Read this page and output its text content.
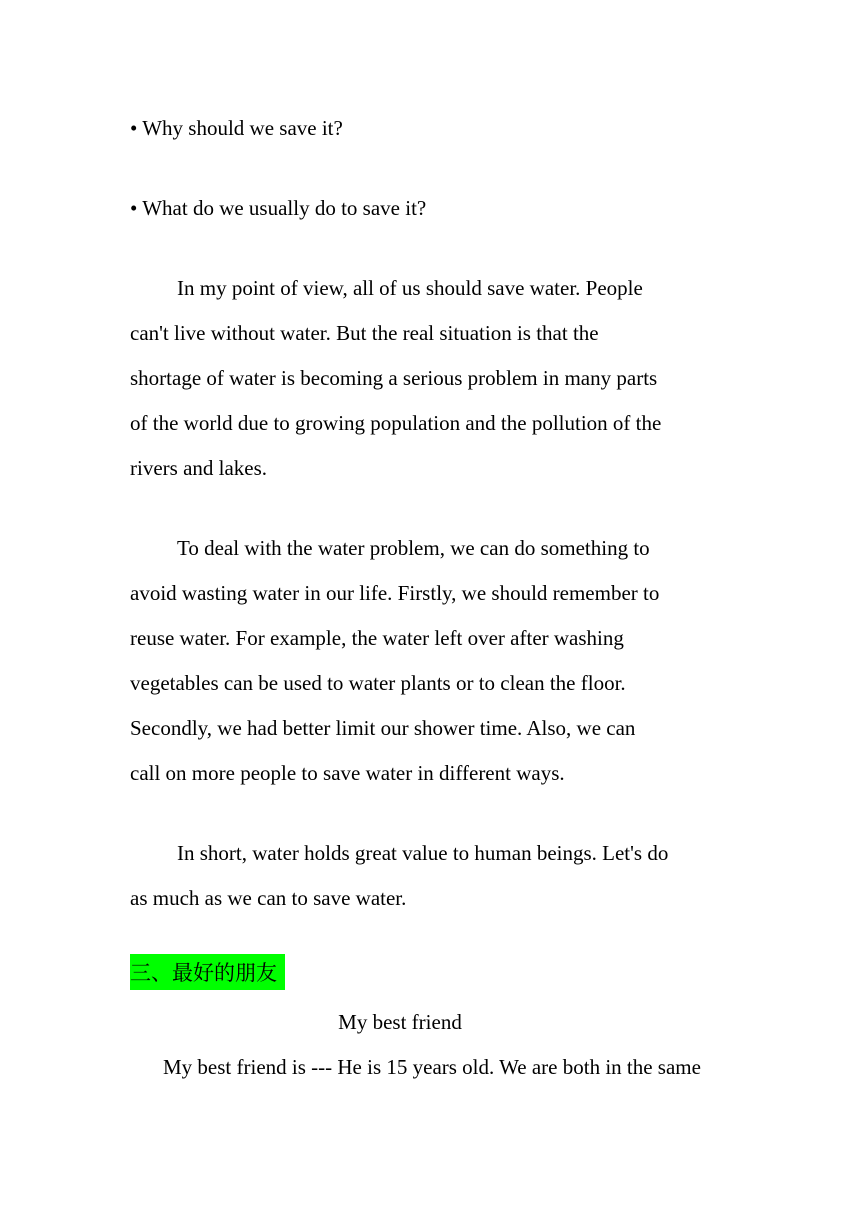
• Why should we save it?
• What do we usually do to save it?
In my point of view, all of us should save water. People
can't live without water. But the real situation is that the
shortage of water is becoming a serious problem in many parts
of the world due to growing population and the pollution of the
rivers and lakes.
To deal with the water problem, we can do something to
avoid wasting water in our life. Firstly, we should remember to
reuse water. For example, the water left over after washing
vegetables can be used to water plants or to clean the floor.
Secondly, we had better limit our shower time. Also, we can
call on more people to save water in different ways.
In short, water holds great value to human beings. Let's do
as much as we can to save water.
三、最好的朋友
My best friend
My best friend is --- He is 15 years old. We are both in the same
